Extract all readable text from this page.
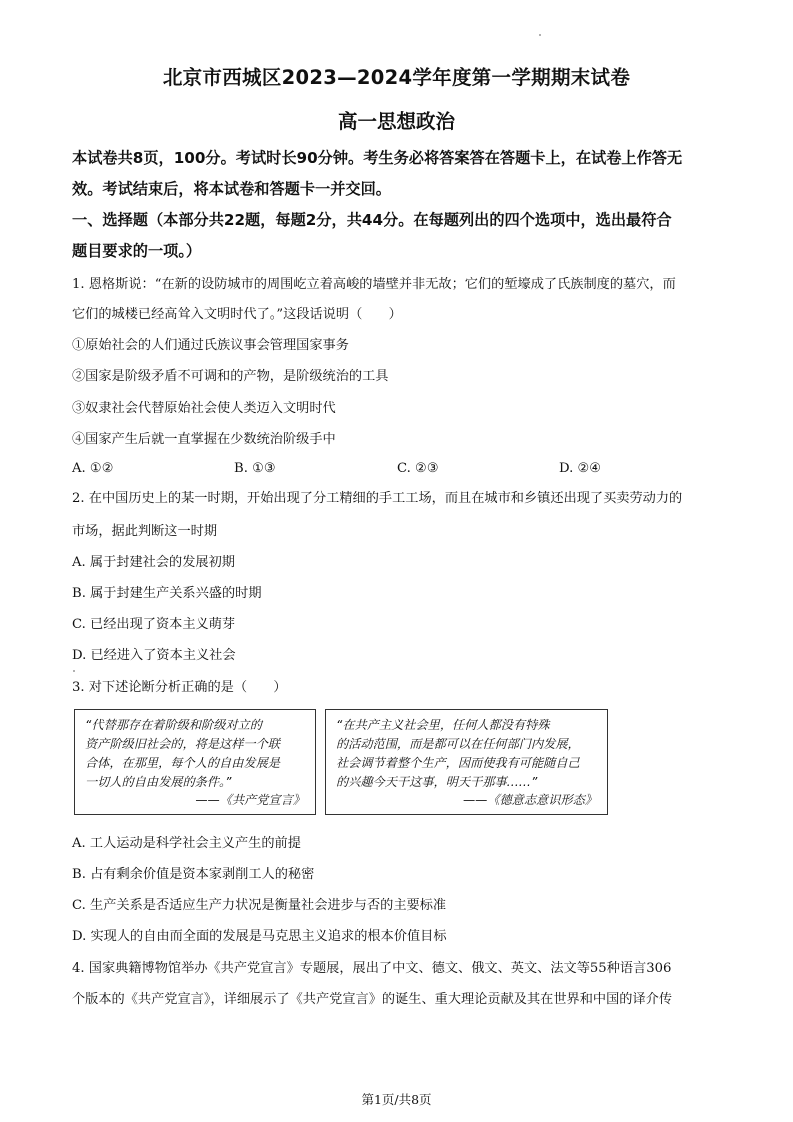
北京市西城区2023—2024学年度第一学期期末试卷
高一思想政治
本试卷共8页，100分。考试时长90分钟。考生务必将答案答在答题卡上，在试卷上作答无
效。考试结束后，将本试卷和答题卡一并交回。
一、选择题（本部分共22题，每题2分，共44分。在每题列出的四个选项中，选出最符合
题目要求的一项。）
1. 恩格斯说：“在新的设防城市的周围屹立着高峻的墙壁并非无故；它们的堑壕成了氏族制度的墓穴，而
它们的城楼已经高耸入文明时代了。”这段话说明（　　）
①原始社会的人们通过氏族议事会管理国家事务
②国家是阶级矛盾不可调和的产物，是阶级统治的工具
③奴隶社会代替原始社会使人类迈入文明时代
④国家产生后就一直掌握在少数统治阶级手中
A. ①②	B. ①③	C. ②③	D. ②④
2. 在中国历史上的某一时期，开始出现了分工精细的手工工场，而且在城市和乡镇还出现了买卖劳动力的
市场，据此判断这一时期
A. 属于封建社会的发展初期
B. 属于封建生产关系兴盛的时期
C. 已经出现了资本主义萌芽
D. 已经进入了资本主义社会
3. 对下述论断分析正确的是（　　）
“代替那存在着阶级和阶级对立的
资产阶级旧社会的，将是这样一个联
合体，在那里，每个人的自由发展是
一切人的自由发展的条件。”
——《共产党宣言》
“在共产主义社会里，任何人都没有特殊
的活动范围，而是都可以在任何部门内发展，
社会调节着整个生产，因而使我有可能随自己
的兴趣今天干这事，明天干那事……”
——《德意志意识形态》
A. 工人运动是科学社会主义产生的前提
B. 占有剩余价值是资本家剥削工人的秘密
C. 生产关系是否适应生产力状况是衡量社会进步与否的主要标准
D. 实现人的自由而全面的发展是马克思主义追求的根本价值目标
4. 国家典籍博物馆举办《共产党宣言》专题展，展出了中文、德文、俄文、英文、法文等55种语言306
个版本的《共产党宣言》，详细展示了《共产党宣言》的诞生、重大理论贡献及其在世界和中国的译介传
第1页/共8页
